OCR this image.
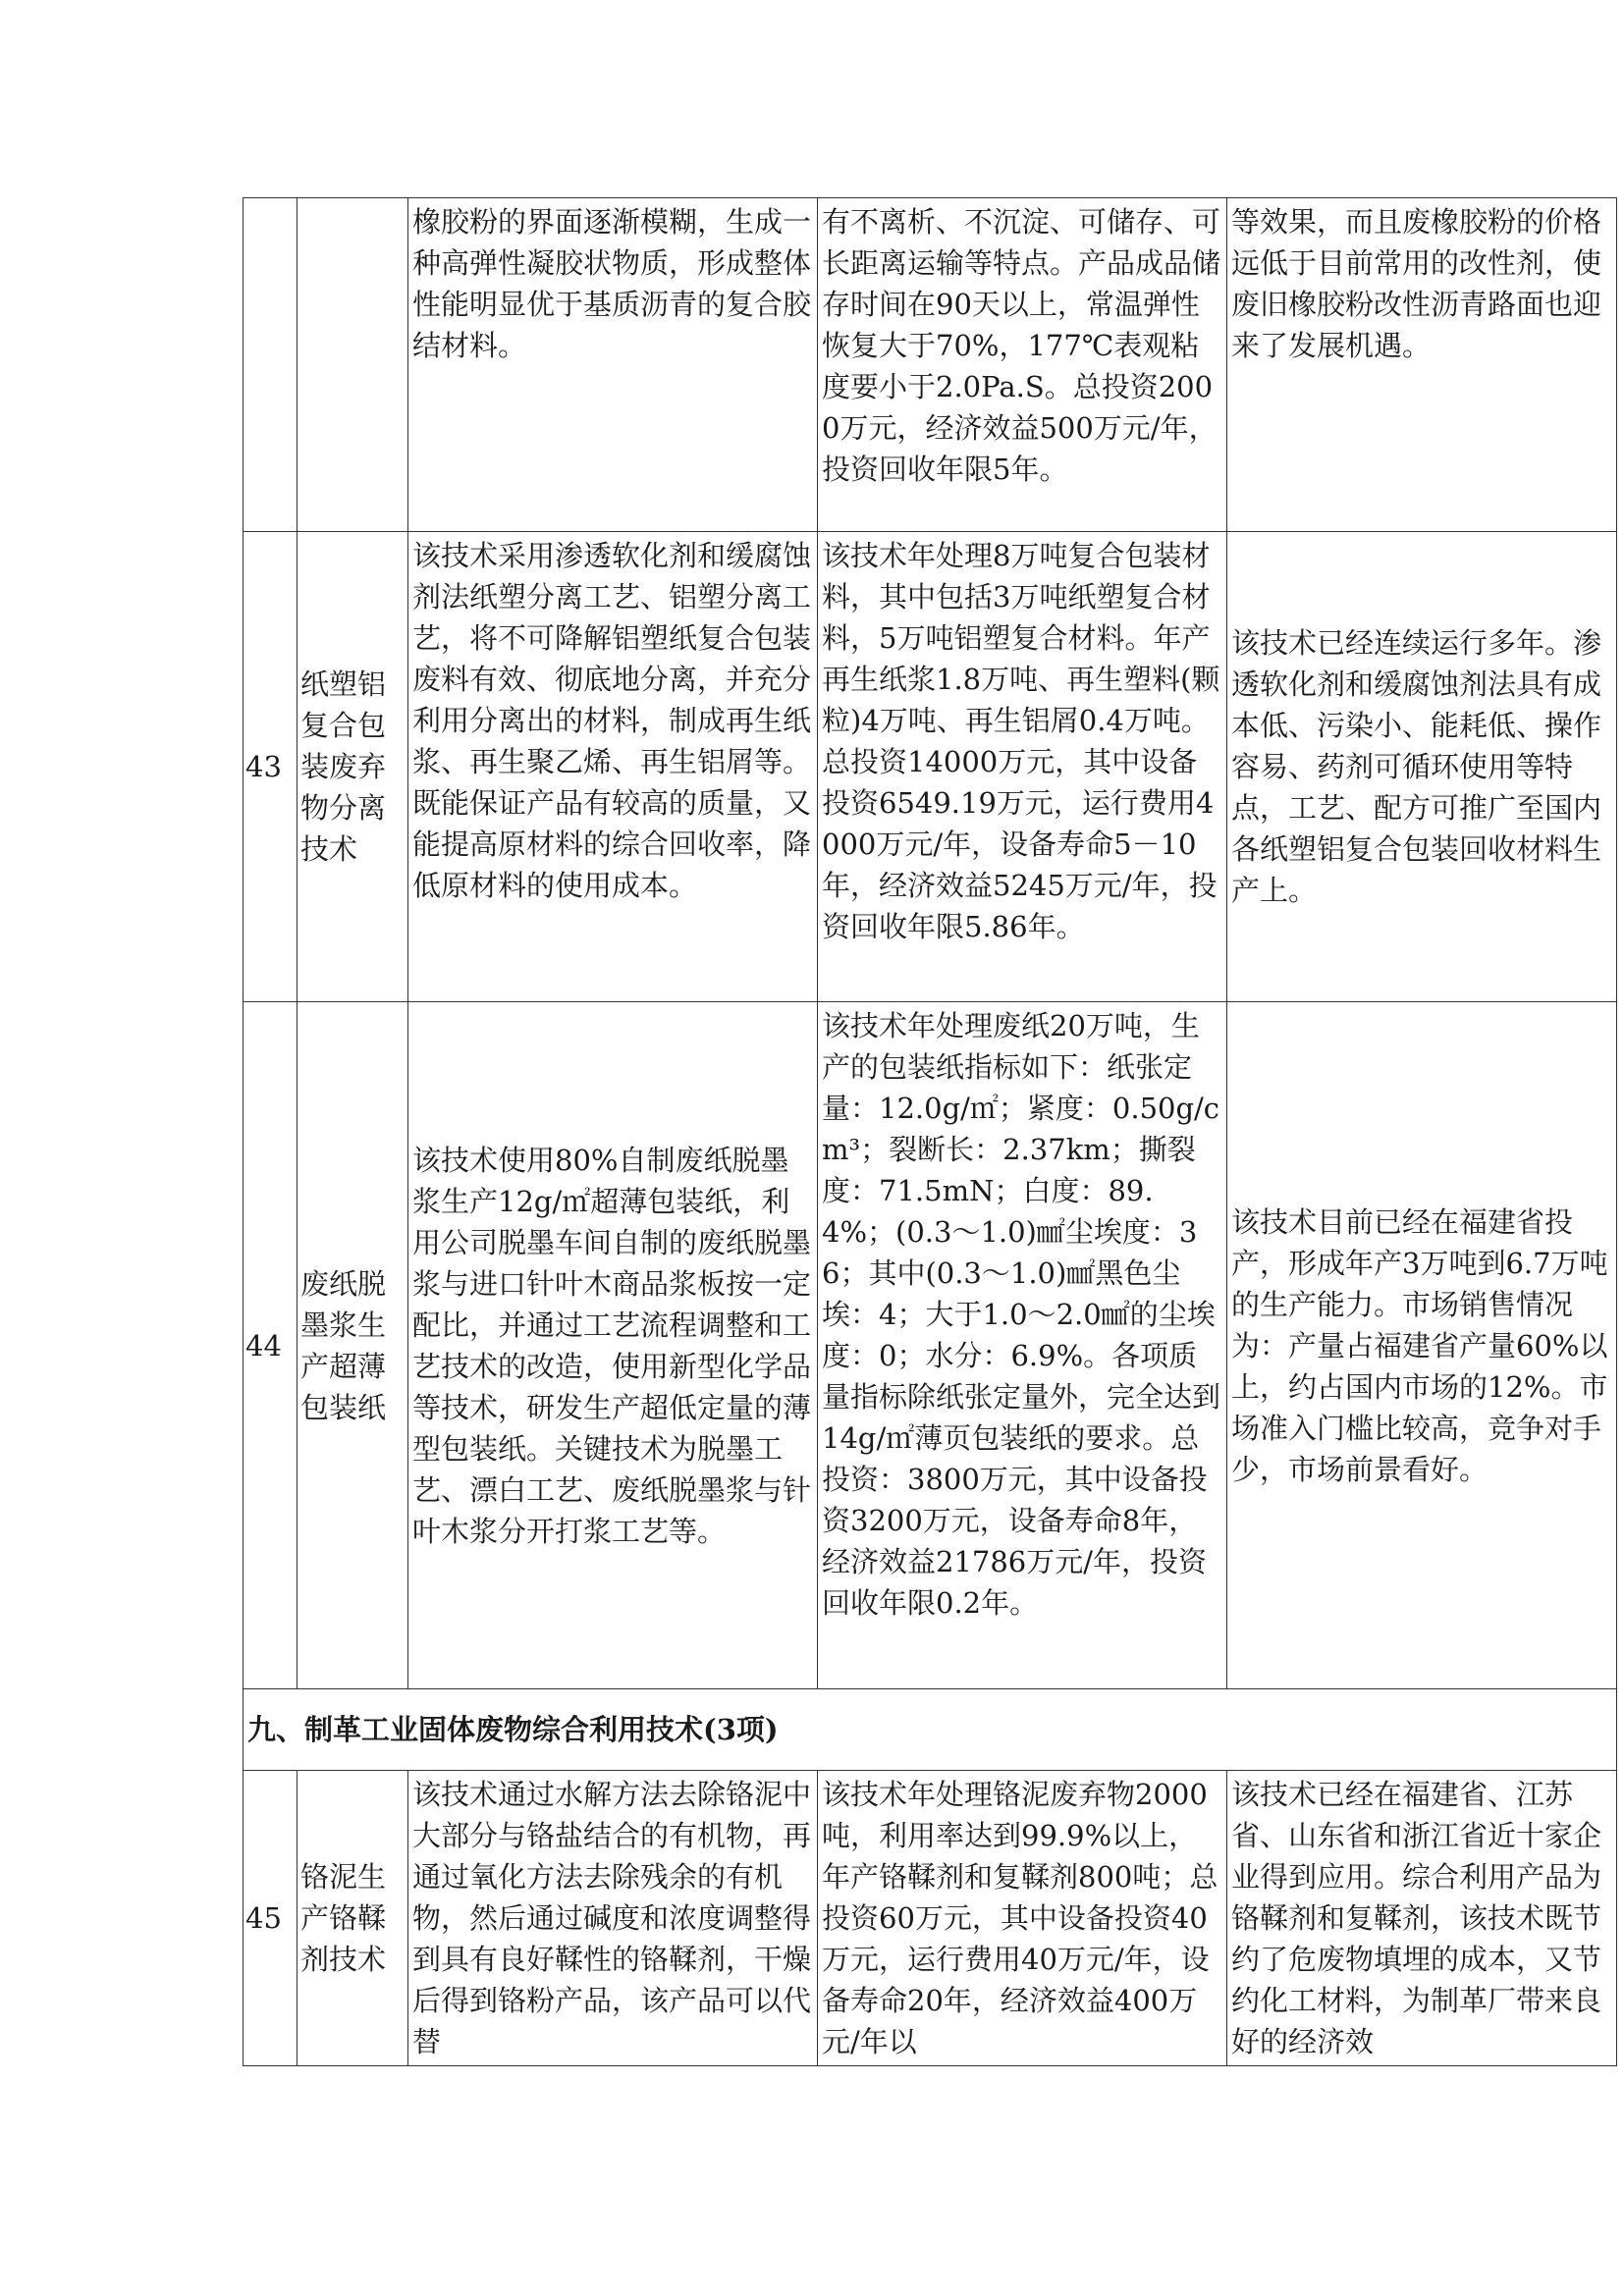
		橡胶粉的界面逐渐模糊，生成一种高弹性凝胶状物质，形成整体性能明显优于基质沥青的复合胶结材料。	有不离析、不沉淀、可储存、可长距离运输等特点。产品成品储存时间在90天以上，常温弹性恢复大于70%，177℃表观粘度要小于2.0Pa.S。总投资2000万元，经济效益500万元/年，投资回收年限5年。	等效果，而且废橡胶粉的价格远低于目前常用的改性剂，使废旧橡胶粉改性沥青路面也迎来了发展机遇。
43	纸塑铝复合包装废弃物分离技术	该技术采用渗透软化剂和缓腐蚀剂法纸塑分离工艺、铝塑分离工艺，将不可降解铝塑纸复合包装废料有效、彻底地分离，并充分利用分离出的材料，制成再生纸浆、再生聚乙烯、再生铝屑等。既能保证产品有较高的质量，又能提高原材料的综合回收率，降低原材料的使用成本。	该技术年处理8万吨复合包装材料，其中包括3万吨纸塑复合材料，5万吨铝塑复合材料。年产再生纸浆1.8万吨、再生塑料(颗粒)4万吨、再生铝屑0.4万吨。总投资14000万元，其中设备投资6549.19万元，运行费用4000万元/年，设备寿命5－10年，经济效益5245万元/年，投资回收年限5.86年。	该技术已经连续运行多年。渗透软化剂和缓腐蚀剂法具有成本低、污染小、能耗低、操作容易、药剂可循环使用等特点，工艺、配方可推广至国内各纸塑铝复合包装回收材料生产上。
44	废纸脱墨浆生产超薄包装纸	该技术使用80%自制废纸脱墨浆生产12g/㎡超薄包装纸，利用公司脱墨车间自制的废纸脱墨浆与进口针叶木商品浆板按一定配比，并通过工艺流程调整和工艺技术的改造，使用新型化学品等技术，研发生产超低定量的薄型包装纸。关键技术为脱墨工艺、漂白工艺、废纸脱墨浆与针叶木浆分开打浆工艺等。	该技术年处理废纸20万吨，生产的包装纸指标如下：纸张定量：12.0g/㎡；紧度：0.50g/cm³；裂断长：2.37km；撕裂度：71.5mN；白度：89.4%；(0.3～1.0)㎟尘埃度：36；其中(0.3～1.0)㎟黑色尘埃：4；大于1.0～2.0㎟的尘埃度：0；水分：6.9%。各项质量指标除纸张定量外，完全达到14g/㎡薄页包装纸的要求。总投资：3800万元，其中设备投资3200万元，设备寿命8年，经济效益21786万元/年，投资回收年限0.2年。	该技术目前已经在福建省投产，形成年产3万吨到6.7万吨的生产能力。市场销售情况为：产量占福建省产量60%以上，约占国内市场的12%。市场准入门槛比较高，竞争对手少，市场前景看好。
九、制革工业固体废物综合利用技术(3项)				
45	铬泥生产铬鞣剂技术	该技术通过水解方法去除铬泥中大部分与铬盐结合的有机物，再通过氧化方法去除残余的有机物，然后通过碱度和浓度调整得到具有良好鞣性的铬鞣剂，干燥后得到铬粉产品，该产品可以代替	该技术年处理铬泥废弃物2000吨，利用率达到99.9%以上，年产铬鞣剂和复鞣剂800吨；总投资60万元，其中设备投资40万元，运行费用40万元/年，设备寿命20年，经济效益400万元/年以	该技术已经在福建省、江苏省、山东省和浙江省近十家企业得到应用。综合利用产品为铬鞣剂和复鞣剂，该技术既节约了危废物填埋的成本，又节约化工材料，为制革厂带来良好的经济效
